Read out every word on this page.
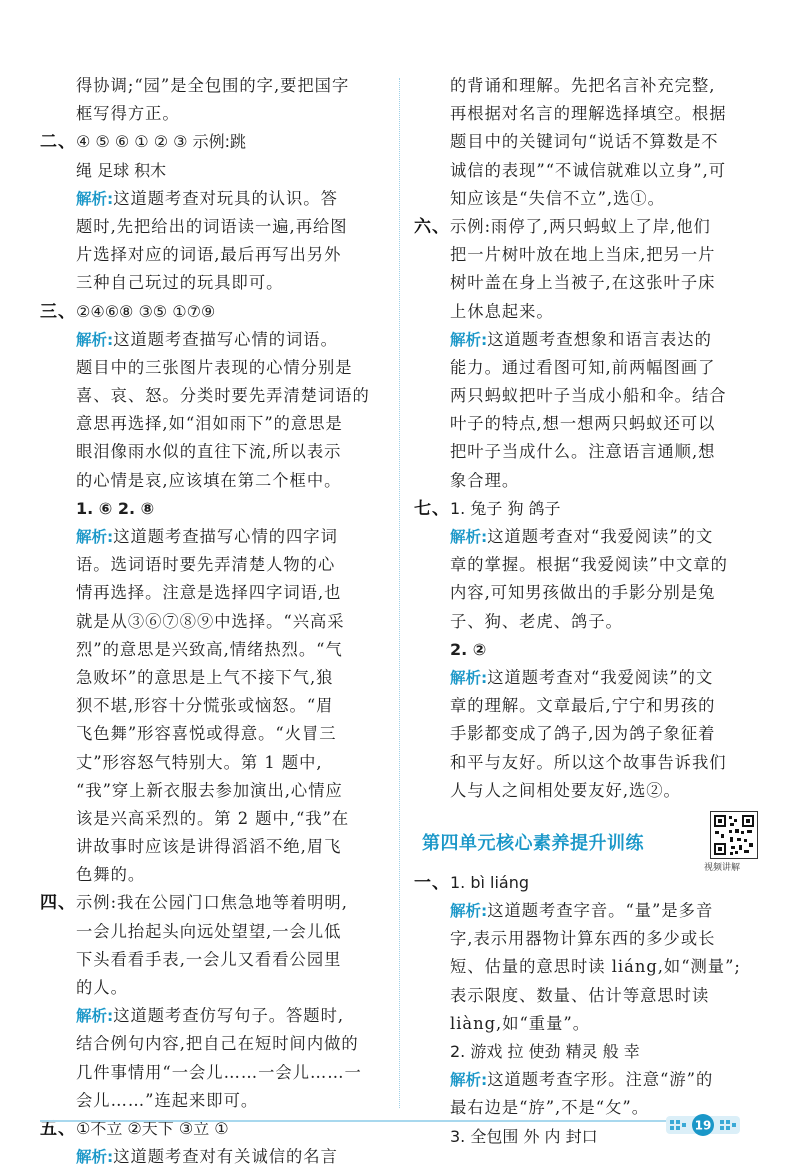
得协调;“园”是全包围的字,要把国字
框写得方正。
二、 ④ ⑤ ⑥ ① ② ③ 示例:跳
绳 足球 积木
解析:这道题考查对玩具的认识。答
题时,先把给出的词语读一遍,再给图
片选择对应的词语,最后再写出另外
三种自己玩过的玩具即可。
三、 ②④⑥⑧ ③⑤ ①⑦⑨
解析:这道题考查描写心情的词语。
题目中的三张图片表现的心情分别是
喜、哀、怒。分类时要先弄清楚词语的
意思再选择,如“泪如雨下”的意思是
眼泪像雨水似的直往下流,所以表示
的心情是哀,应该填在第二个框中。
1. ⑥ 2. ⑧
解析:这道题考查描写心情的四字词
语。选词语时要先弄清楚人物的心
情再选择。注意是选择四字词语,也
就是从③⑥⑦⑧⑨中选择。“兴高采
烈”的意思是兴致高,情绪热烈。“气
急败坏”的意思是上气不接下气,狼
狈不堪,形容十分慌张或恼怒。“眉
飞色舞”形容喜悦或得意。“火冒三
丈”形容怒气特别大。第 1 题中,
“我”穿上新衣服去参加演出,心情应
该是兴高采烈的。第 2 题中,“我”在
讲故事时应该是讲得滔滔不绝,眉飞
色舞的。
四、 示例:我在公园门口焦急地等着明明,
一会儿抬起头向远处望望,一会儿低
下头看看手表,一会儿又看看公园里
的人。
解析:这道题考查仿写句子。答题时,
结合例句内容,把自己在短时间内做的
几件事情用“一会儿……一会儿……一
会儿……”连起来即可。
五、 ①不立 ②天下 ③立 ①
解析:这道题考查对有关诚信的名言
的背诵和理解。先把名言补充完整,
再根据对名言的理解选择填空。根据
题目中的关键词句“说话不算数是不
诚信的表现”“不诚信就难以立身”,可
知应该是“失信不立”,选①。
六、 示例:雨停了,两只蚂蚁上了岸,他们
把一片树叶放在地上当床,把另一片
树叶盖在身上当被子,在这张叶子床
上休息起来。
解析:这道题考查想象和语言表达的
能力。通过看图可知,前两幅图画了
两只蚂蚁把叶子当成小船和伞。结合
叶子的特点,想一想两只蚂蚁还可以
把叶子当成什么。注意语言通顺,想
象合理。
七、 1. 兔子 狗 鸽子
解析:这道题考查对“我爱阅读”的文
章的掌握。根据“我爱阅读”中文章的
内容,可知男孩做出的手影分别是兔
子、狗、老虎、鸽子。
2. ②
解析:这道题考查对“我爱阅读”的文
章的理解。文章最后,宁宁和男孩的
手影都变成了鸽子,因为鸽子象征着
和平与友好。所以这个故事告诉我们
人与人之间相处要友好,选②。
第四单元核心素养提升训练
视频讲解
一、 1. bì liáng
解析:这道题考查字音。“量”是多音
字,表示用器物计算东西的多少或长
短、估量的意思时读 liáng,如“测量”;
表示限度、数量、估计等意思时读
liàng,如“重量”。
2. 游戏 拉 使劲 精灵 般 幸
解析:这道题考查字形。注意“游”的
最右边是“斿”,不是“攵”。
3. 全包围 外 内 封口
19
